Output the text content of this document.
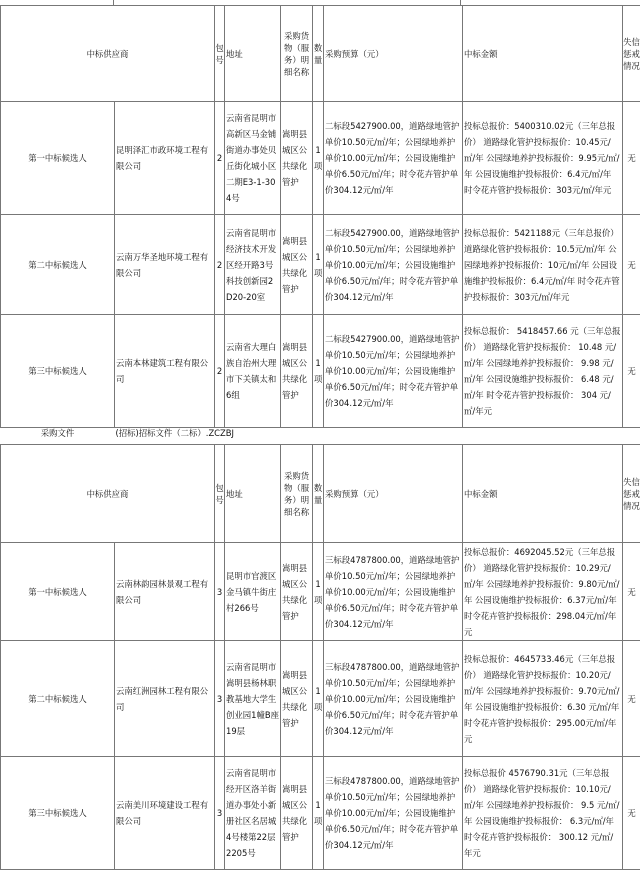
中标供应商		包号	地址	采购货物（服务）明细名称	数量	采购预算（元）	中标金额	失信惩戒情况
第一中标候选人	昆明泽汇市政环境工程有限公司	2	云南省昆明市高新区马金铺街道办事处贝丘街化城小区二期E3-1-304号	嵩明县城区公共绿化管护	1项	二标段5427900.00，道路绿地管护单价10.50元/㎡/年；公园绿地养护单价10.00元/㎡/年；公园设施维护单价6.50元/㎡/年；时令花卉管护单价304.12元/㎡/年	投标总报价：5400310.02元（三年总报价） 道路绿化管护投标报价：10.45元/㎡/年 公园绿地养护投标报价：9.95元/㎡/年 公园设施维护投标报价：6.4元/㎡/年 时令花卉管护投标报价：303元/㎡/年元	无
第二中标候选人	云南万华圣地环境工程有限公司	2	云南省昆明市经济技术开发区经开路3号科技创新园2D20-20室	嵩明县城区公共绿化管护	1项	二标段5427900.00，道路绿地管护单价10.50元/㎡/年；公园绿地养护单价10.00元/㎡/年；公园设施维护单价6.50元/㎡/年；时令花卉管护单价304.12元/㎡/年	投标总报价：5421188元（三年总报价） 道路绿化管护投标报价：10.5元/㎡/年 公园绿地养护投标报价：10元/㎡/年 公园设施维护投标报价：6.4元/㎡/年 时令花卉管护投标报价：303元/㎡/年元	无
第三中标候选人	云南本林建筑工程有限公司	2	云南省大理白族自治州大理市下关镇太和6组	嵩明县城区公共绿化管护	1项	二标段5427900.00，道路绿地管护单价10.50元/㎡/年；公园绿地养护单价10.00元/㎡/年；公园设施维护单价6.50元/㎡/年；时令花卉管护单价304.12元/㎡/年	投标总报价： 5418457.66 元（三年总报价） 道路绿化管护投标报价： 10.48 元/㎡/年 公园绿地养护投标报价： 9.98 元/㎡/年 公园设施维护投标报价： 6.48 元/㎡/年 时令花卉管护投标报价： 304 元/㎡/年元	无
采购文件	(招标)招标文件（二标）.ZCZBJ							
中标供应商		包号	地址	采购货物（服务）明细名称	数量	采购预算（元）	中标金额	失信惩戒情况
第一中标候选人	云南林韵园林景观工程有限公司	3	昆明市官渡区金马镇牛街庄村266号	嵩明县城区公共绿化管护	1项	三标段4787800.00，道路绿地管护单价10.50元/㎡/年；公园绿地养护单价10.00元/㎡/年；公园设施维护单价6.50元/㎡/年；时令花卉管护单价304.12元/㎡/年	投标总报价：4692045.52元（三年总报价） 道路绿化管护投标报价：10.29元/㎡/年 公园绿地养护投标报价：9.80元/㎡/年 公园设施维护投标报价：6.37元/㎡/年 时令花卉管护投标报价：298.04元/㎡/年元	无
第二中标候选人	云南红洲园林工程有限公司	3	云南省昆明市嵩明县杨林职教基地大学生创业园1幢B座19层	嵩明县城区公共绿化管护	1项	三标段4787800.00，道路绿地管护单价10.50元/㎡/年；公园绿地养护单价10.00元/㎡/年；公园设施维护单价6.50元/㎡/年；时令花卉管护单价304.12元/㎡/年	投标总报价：4645733.46元（三年总报价） 道路绿化管护投标报价：10.20元/㎡/年 公园绿地养护投标报价：9.70元/㎡/年 公园设施维护投标报价：6.30 元/㎡/年 时令花卉管护投标报价：295.00元/㎡/年元	无
第三中标候选人	云南美川环境建设工程有限公司	3	云南省昆明市经开区洛羊街道办事处小新册社区名居城4号楼第22层2205号	嵩明县城区公共绿化管护	1项	三标段4787800.00，道路绿地管护单价10.50元/㎡/年；公园绿地养护单价10.00元/㎡/年；公园设施维护单价6.50元/㎡/年；时令花卉管护单价304.12元/㎡/年	投标总报价 4576790.31元（三年总报价） 道路绿化管护投标报价：10.10元/㎡/年 公园绿地养护投标报价： 9.5 元/㎡/年 公园设施维护投标报价： 6.3元/㎡/年 时令花卉管护投标报价： 300.12 元/㎡/年元	无
